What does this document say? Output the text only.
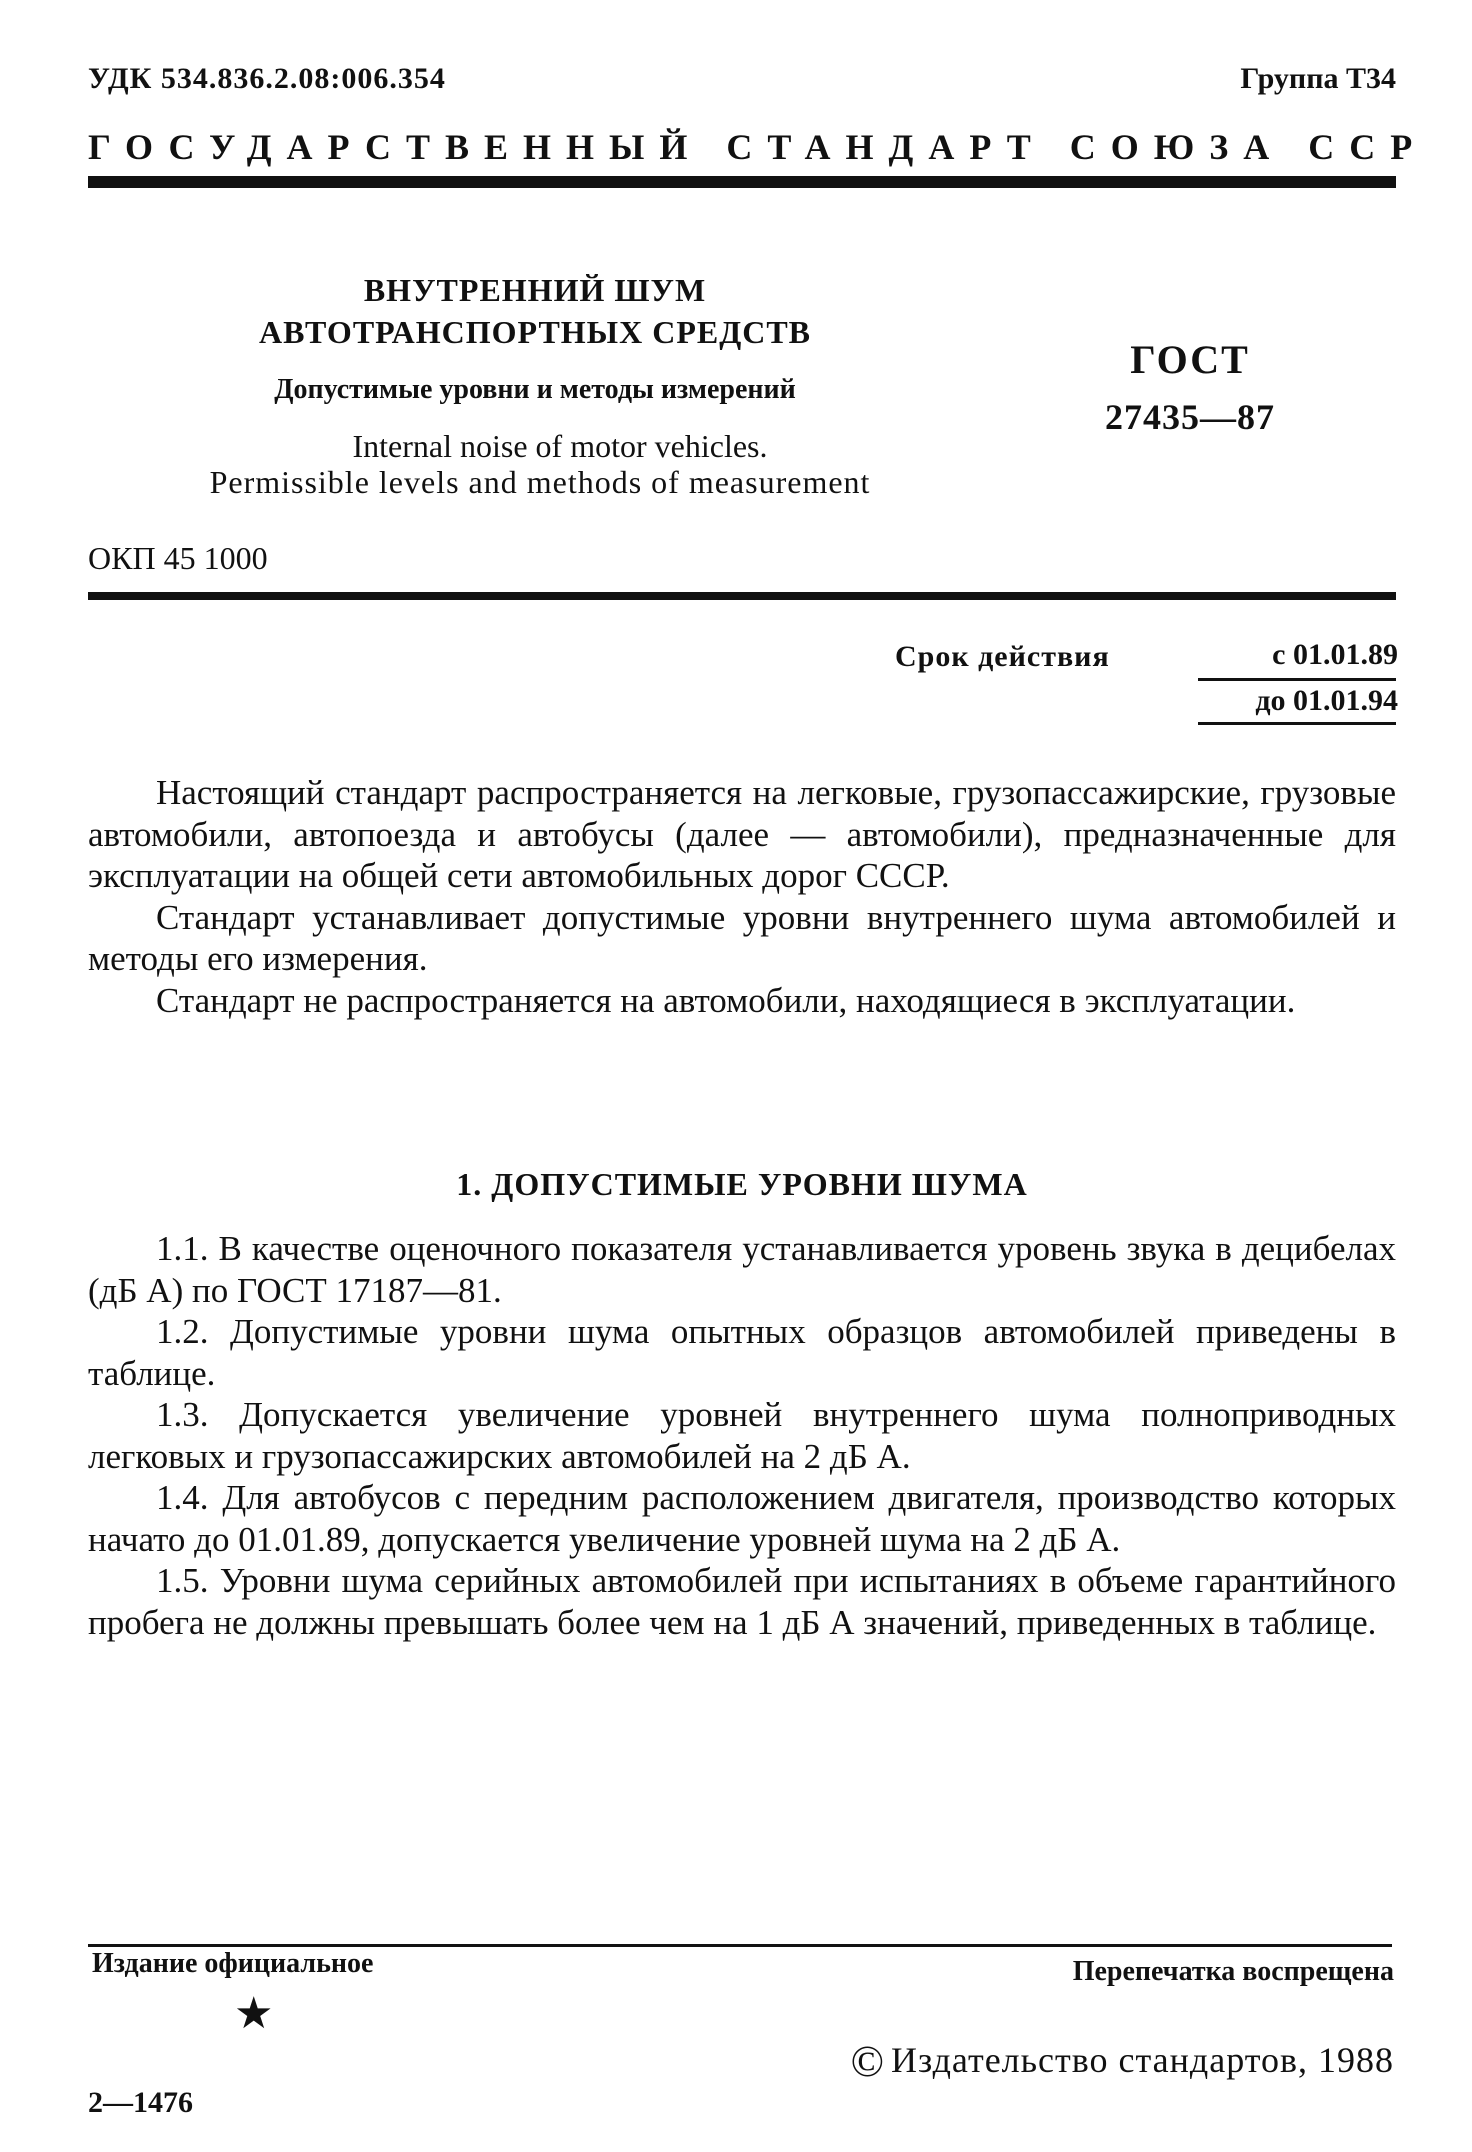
УДК 534.836.2.08:006.354	Группа Т34
ГОСУДАРСТВЕННЫЙ СТАНДАРТ СОЮЗА ССР
ВНУТРЕННИЙ ШУМ
АВТОТРАНСПОРТНЫХ СРЕДСТВ
Допустимые уровни и методы измерений
Internal noise of motor vehicles.
Permissible levels and methods of measurement
ГОСТ
27435—87
ОКП 45 1000
Срок действия	с 01.01.89
до 01.01.94

Настоящий стандарт распространяется на легковые, грузопассажирские, грузовые автомобили, автопоезда и автобусы (далее — автомобили), предназначенные для эксплуатации на общей сети автомобильных дорог СССР.

Стандарт устанавливает допустимые уровни внутреннего шума автомобилей и методы его измерения.

Стандарт не распространяется на автомобили, находящиеся в эксплуатации.

1. ДОПУСТИМЫЕ УРОВНИ ШУМА

1.1. В качестве оценочного показателя устанавливается уровень звука в децибелах (дБ А) по ГОСТ 17187—81.

1.2. Допустимые уровни шума опытных образцов автомобилей приведены в таблице.

1.3. Допускается увеличение уровней внутреннего шума полноприводных легковых и грузопассажирских автомобилей на 2 дБ А.

1.4. Для автобусов с передним расположением двигателя, производство которых начато до 01.01.89, допускается увеличение уровней шума на 2 дБ А.

1.5. Уровни шума серийных автомобилей при испытаниях в объеме гарантийного пробега не должны превышать более чем на 1 дБ А значений, приведенных в таблице.

Издание официальное
★
Перепечатка воспрещена
© Издательство стандартов, 1988
2—1476
